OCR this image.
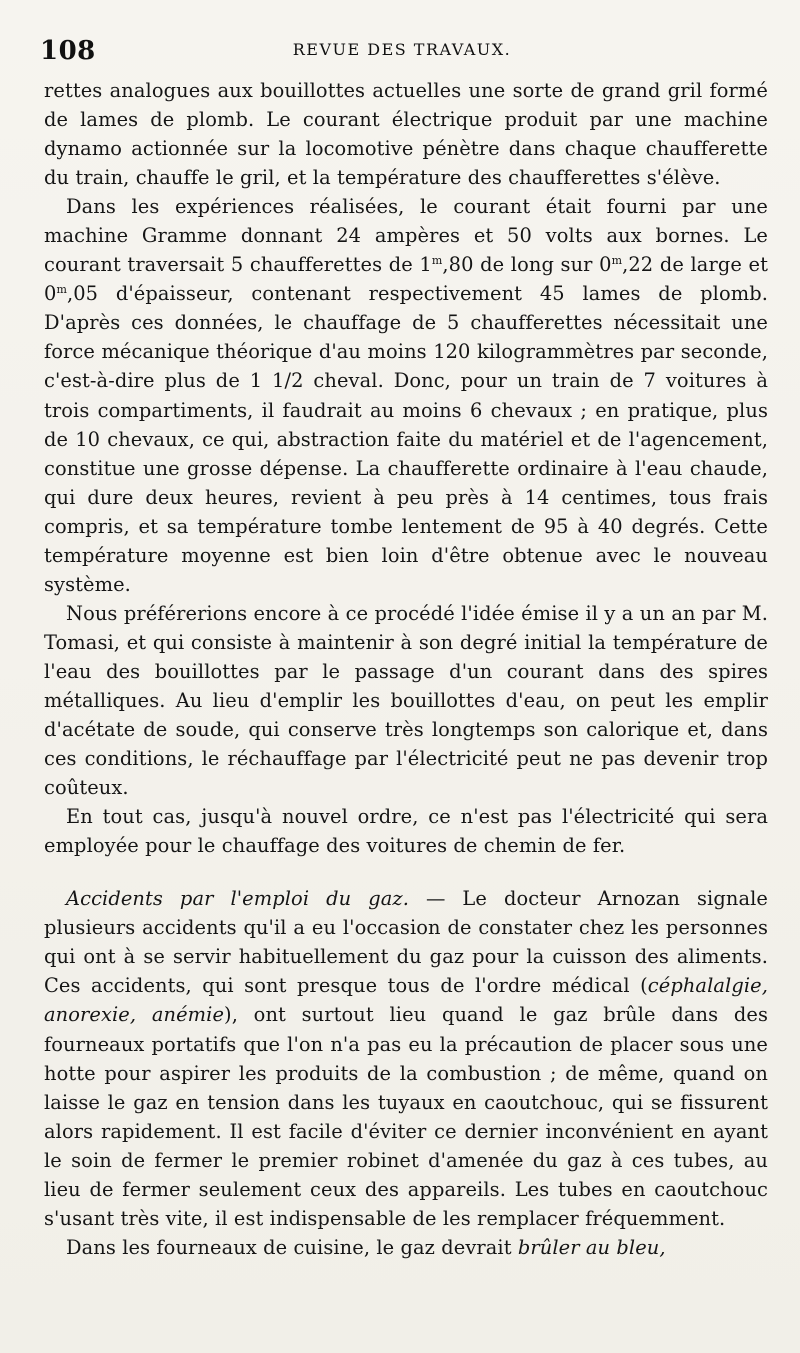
108	REVUE DES TRAVAUX.

rettes analogues aux bouillottes actuelles une sorte de grand gril formé de lames de plomb. Le courant électrique produit par une machine dynamo actionnée sur la locomotive pénètre dans chaque chaufferette du train, chauffe le gril, et la température des chaufferettes s'élève.

Dans les expériences réalisées, le courant était fourni par une machine Gramme donnant 24 ampères et 50 volts aux bornes. Le courant traversait 5 chaufferettes de 1$^m$,80 de long sur 0$^m$,22 de large et 0$^m$,05 d'épaisseur, contenant respectivement 45 lames de plomb. D'après ces données, le chauffage de 5 chaufferettes nécessitait une force mécanique théorique d'au moins 120 kilogrammètres par seconde, c'est-à-dire plus de 1 1/2 cheval. Donc, pour un train de 7 voitures à trois compartiments, il faudrait au moins 6 chevaux ; en pratique, plus de 10 chevaux, ce qui, abstraction faite du matériel et de l'agencement, constitue une grosse dépense. La chaufferette ordinaire à l'eau chaude, qui dure deux heures, revient à peu près à 14 centimes, tous frais compris, et sa température tombe lentement de 95 à 40 degrés. Cette température moyenne est bien loin d'être obtenue avec le nouveau système.

Nous préférerions encore à ce procédé l'idée émise il y a un an par M. Tomasi, et qui consiste à maintenir à son degré initial la température de l'eau des bouillottes par le passage d'un courant dans des spires métalliques. Au lieu d'emplir les bouillottes d'eau, on peut les emplir d'acétate de soude, qui conserve très longtemps son calorique et, dans ces conditions, le réchauffage par l'électricité peut ne pas devenir trop coûteux.

En tout cas, jusqu'à nouvel ordre, ce n'est pas l'électricité qui sera employée pour le chauffage des voitures de chemin de fer.

Accidents par l'emploi du gaz. — Le docteur Arnozan signale plusieurs accidents qu'il a eu l'occasion de constater chez les personnes qui ont à se servir habituellement du gaz pour la cuisson des aliments. Ces accidents, qui sont presque tous de l'ordre médical (céphalalgie, anorexie, anémie), ont surtout lieu quand le gaz brûle dans des fourneaux portatifs que l'on n'a pas eu la précaution de placer sous une hotte pour aspirer les produits de la combustion ; de même, quand on laisse le gaz en tension dans les tuyaux en caoutchouc, qui se fissurent alors rapidement. Il est facile d'éviter ce dernier inconvénient en ayant le soin de fermer le premier robinet d'amenée du gaz à ces tubes, au lieu de fermer seulement ceux des appareils. Les tubes en caoutchouc s'usant très vite, il est indispensable de les remplacer fréquemment.

Dans les fourneaux de cuisine, le gaz devrait brûler au bleu,
